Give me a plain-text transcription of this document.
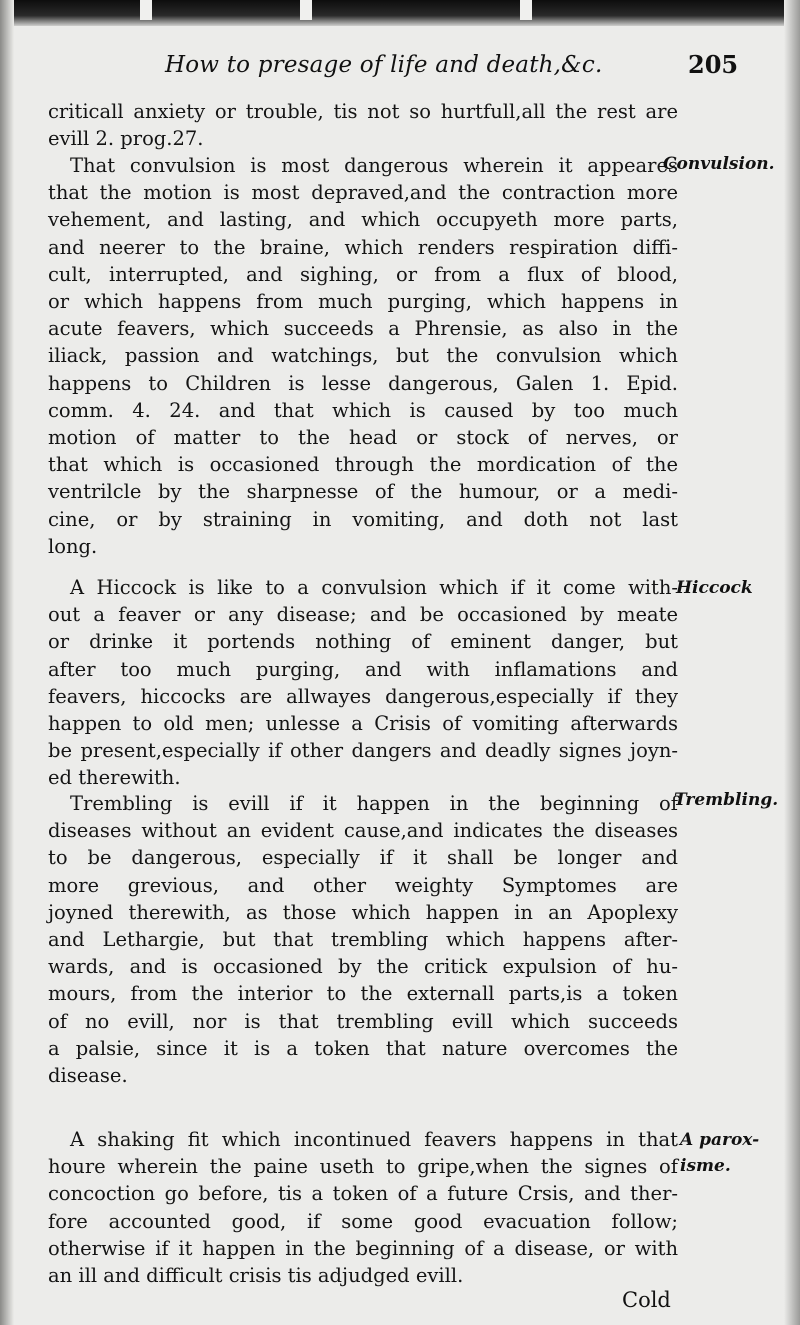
How to presage of life and death,&c.	205
criticall anxiety or trouble, tis not so hurtfull,all the rest are
evill 2. prog.27.
That convulsion is most dangerous wherein it appeares
that the motion is most depraved,and the contraction more
vehement, and lasting, and which occupyeth more parts,
and neerer to the braine, which renders respiration diffi-
cult, interrupted, and sighing, or from a flux of blood,
or which happens from much purging, which happens in
acute feavers, which succeeds a Phrensie, as also in the
iliack, passion and watchings, but the convulsion which
happens to Children is lesse dangerous, Galen 1. Epid.
comm. 4. 24. and that which is caused by too much
motion of matter to the head or stock of nerves, or
that which is occasioned through the mordication of the
ventrilcle by the sharpnesse of the humour, or a medi-
cine, or by straining in vomiting, and doth not last
long.
A Hiccock is like to a convulsion which if it come with-
out a feaver or any disease; and be occasioned by meate
or drinke it portends nothing of eminent danger, but
after too much purging, and with inflamations and
feavers, hiccocks are allwayes dangerous,especially if they
happen to old men; unlesse a Crisis of vomiting afterwards
be present,especially if other dangers and deadly signes joyn-
ed therewith.
Trembling is evill if it happen in the beginning of
diseases without an evident cause,and indicates the diseases
to be dangerous, especially if it shall be longer and
more grevious, and other weighty Symptomes are
joyned therewith, as those which happen in an Apoplexy
and Lethargie, but that trembling which happens after-
wards, and is occasioned by the critick expulsion of hu-
mours, from the interior to the externall parts,is a token
of no evill, nor is that trembling evill which succeeds
a palsie, since it is a token that nature overcomes the
disease.
A shaking fit which incontinued feavers happens in that
houre wherein the paine useth to gripe,when the signes of
concoction go before, tis a token of a future Crsis, and ther-
fore accounted good, if some good evacuation follow;
otherwise if it happen in the beginning of a disease, or with
an ill and difficult crisis tis adjudged evill.
Convulsion.
Hiccock
Trembling.
A parox-
isme.
Cold
